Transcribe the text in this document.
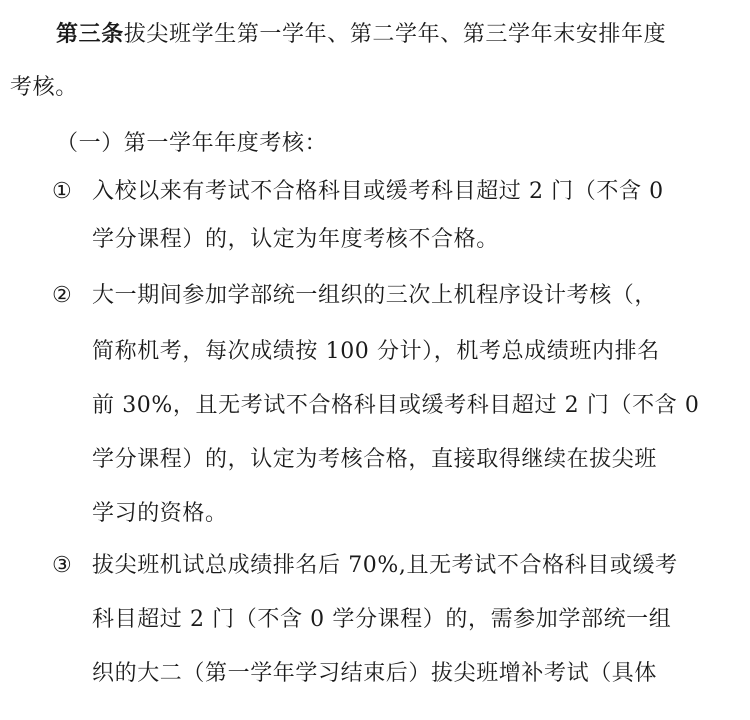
第三条拔尖班学生第一学年、第二学年、第三学年末安排年度
考核。
（一）第一学年年度考核：
① 入校以来有考试不合格科目或缓考科目超过 2 门（不含 0
学分课程）的，认定为年度考核不合格。
② 大一期间参加学部统一组织的三次上机程序设计考核（，
简称机考，每次成绩按 100 分计），机考总成绩班内排名
前 30%，且无考试不合格科目或缓考科目超过 2 门（不含 0
学分课程）的，认定为考核合格，直接取得继续在拔尖班
学习的资格。
③ 拔尖班机试总成绩排名后 70%,且无考试不合格科目或缓考
科目超过 2 门（不含 0 学分课程）的，需参加学部统一组
织的大二（第一学年学习结束后）拔尖班增补考试（具体
